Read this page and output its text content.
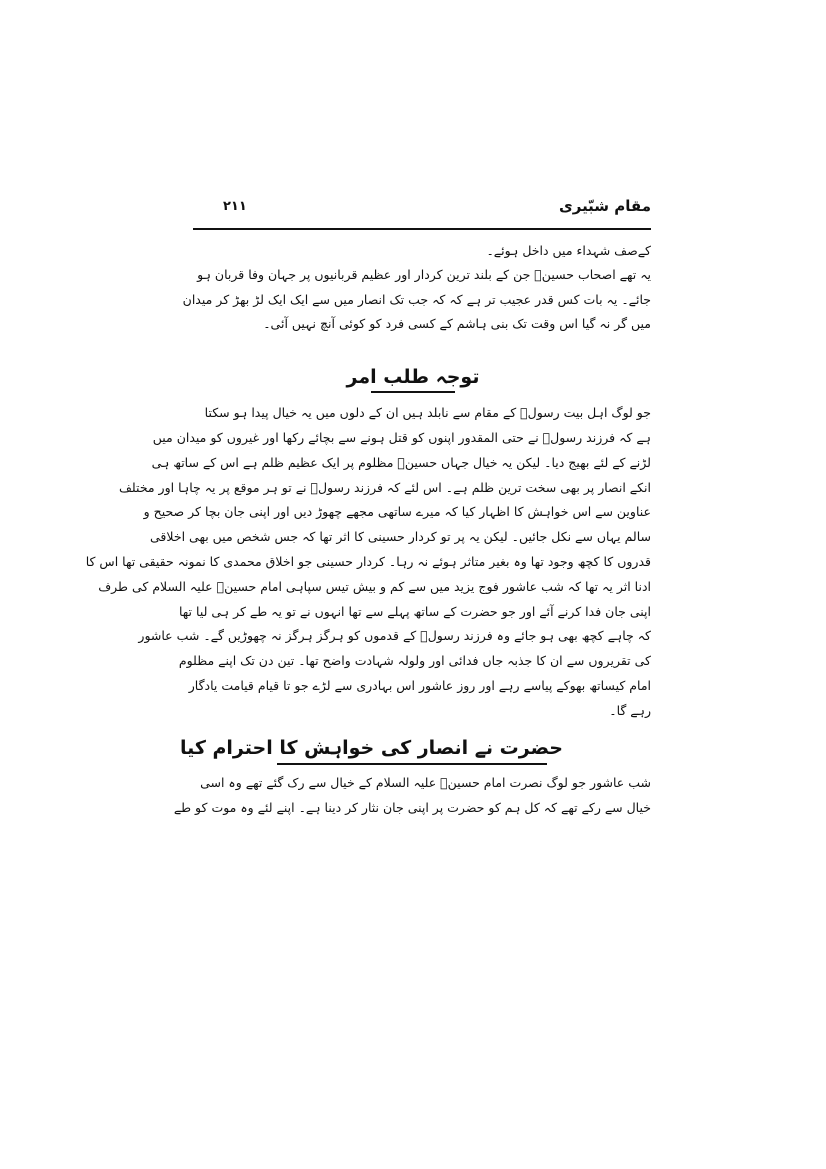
مقام شبّیری
۲۱۱
کےصف شہداء میں داخل ہوئے۔
یہ تھے اصحاب حسینؑ جن کے بلند ترین کردار اور عظیم قربانیوں پر جہان وفا قربان ہو
جائے۔ یہ بات کس قدر عجیب تر ہے کہ کہ جب تک انصار میں سے ایک ایک لڑ بھڑ کر میدان
میں گر نہ گیا اس وقت تک بنی ہاشم کے کسی فرد کو کوئی آنچ نہیں آئی۔
توجہ طلب امر
جو لوگ اہل بیت رسولؐ کے مقام سے نابلد ہیں ان کے دلوں میں یہ خیال پیدا ہو سکتا
ہے کہ فرزند رسولؐ نے حتی المقدور اپنوں کو قتل ہونے سے بچائے رکھا اور غیروں کو میدان میں
لڑنے کے لئے بھیج دیا۔ لیکن یہ خیال جہاں حسینؑ مظلوم پر ایک عظیم ظلم ہے اس کے ساتھ ہی
انکے انصار پر بھی سخت ترین ظلم ہے۔ اس لئے کہ فرزند رسولؐ نے تو ہر موقع پر یہ چاہا اور مختلف
عناوین سے اس خواہش کا اظہار کیا کہ میرے ساتھی مجھے چھوڑ دیں اور اپنی جان بچا کر صحیح و
سالم یہاں سے نکل جائیں۔ لیکن یہ پر تو کردار حسینی کا اثر تھا کہ جس شخص میں بھی اخلاقی
قدروں کا کچھ وجود تھا وہ بغیر متاثر ہوئے نہ رہا۔ کردار حسینی جو اخلاق محمدی کا نمونہ حقیقی تھا اس کا
ادنا اثر یہ تھا کہ شب عاشور فوج یزید میں سے کم و بیش تیس سپاہی امام حسینؑ علیہ السلام کی طرف
اپنی جان فدا کرنے آئے اور جو حضرت کے ساتھ پہلے سے تھا انہوں نے تو یہ طے کر ہی لیا تھا
کہ چاہے کچھ بھی ہو جائے وہ فرزند رسولؐ کے قدموں کو ہرگز ہرگز نہ چھوڑیں گے۔ شب عاشور
کی تقریروں سے ان کا جذبہ جاں فدائی اور ولولہ شہادت واضح تھا۔ تین دن تک اپنے مظلوم
امام کیساتھ بھوکے پیاسے رہے اور روز عاشور اس بہادری سے لڑے جو تا قیام قیامت یادگار
رہے گا۔
حضرت نے انصار کی خواہش کا احترام کیا
شب عاشور جو لوگ نصرت امام حسینؑ علیہ السلام کے خیال سے رک گئے تھے وہ اسی
خیال سے رکے تھے کہ کل ہم کو حضرت پر اپنی جان نثار کر دینا ہے۔ اپنے لئے وہ موت کو طے
